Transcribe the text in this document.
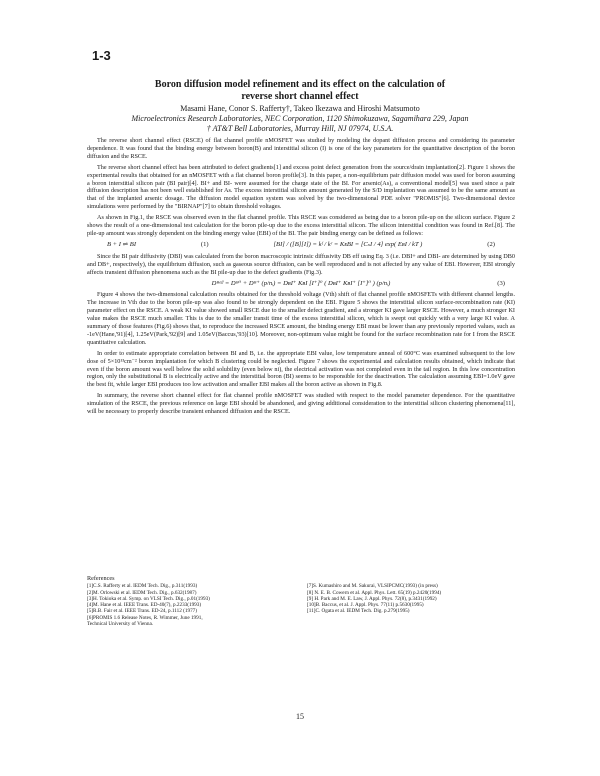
1-3
Boron diffusion model refinement and its effect on the calculation of
reverse short channel effect
Masami Hane, Conor S. Rafferty†, Takeo Ikezawa and Hiroshi Matsumoto
Microelectronics Research Laboratories, NEC Corporation, 1120 Shimokuzawa, Sagamihara 229, Japan
† AT&T Bell Laboratories, Murray Hill, NJ 07974, U.S.A.

The reverse short channel effect (RSCE) of flat channel profile nMOSFET was studied by modeling the dopant diffusion process and considering its parameter dependence. It was found that the binding energy between boron(B) and interstitial silicon (I) is one of the key parameters for the quantitative description of the boron diffusion and the RSCE.

The reverse short channel effect has been attributed to defect gradients[1] and excess point defect generation from the source/drain implantation[2]. Figure 1 shows the experimental results that obtained for an nMOSFET with a flat channel boron profile[3]. In this paper, a non-equilibrium pair diffusion model was used for boron assuming a boron interstitial silicon pair (BI pair)[4]. BI+ and BI- were assumed for the charge state of the BI. For arsenic(As), a conventional model[5] was used since a pair diffusion description has not been well established for As. The excess interstitial silicon amount generated by the S/D implantation was assumed to be the same amount as that of the implanted arsenic dosage. The diffusion model equation system was solved by the two-dimensional PDE solver "PROMIS"[6]. Two-dimensional device simulations were performed by the "BIRNAP"[7] to obtain threshold voltages.

As shown in Fig.1, the RSCE was observed even in the flat channel profile. This RSCE was considered as being due to a boron pile-up on the silicon surface. Figure 2 shows the result of a one-dimensional test calculation for the boron pile-up due to the excess interstitial silicon. The silicon interstitial condition was found in Ref.[8]. The pile-up amount was strongly dependent on the binding energy value (EBI) of the BI. The pair binding energy can be defined as follows:

B + I ⇌ BI	(1)	[BI] / ([B][I]) = kᶠ / kʳ = KᴇBI = [CₛI / 4] exp( EʙI / kT )	(2)

Since the BI pair diffusivity (DBI) was calculated from the boron macroscopic intrinsic diffusivity DB eff using Eq. 3 (i.e. DBI+ and DBI- are determined by using DB0 and DB+, respectively), the equilibrium diffusion, such as gaseous source diffusion, can be well reproduced and is not affected by any value of EBI. However, EBI strongly affects transient diffusion phenomena such as the BI pile-up due to the defect gradients (Fig.3).

Dᴮᵉᶠᶠ = Dᴮ⁰ + Dᴮ⁺ (p/nᵢ) = DʙI⁺ KʙI [I⁺]⁰ ( DʙI⁺ KʙI⁺ [I⁺]⁰ ) (p/nᵢ)	(3)

Figure 4 shows the two-dimensional calculation results obtained for the threshold voltage (Vth) shift of flat channel profile nMOSFETs with different channel lengths. The increase in Vth due to the boron pile-up was also found to be strongly dependent on the EBI. Figure 5 shows the interstitial silicon surface-recombination rate (KI) parameter effect on the RSCE. A weak KI value showed small RSCE due to the smaller defect gradient, and a stronger KI gave larger RSCE. However, a much stronger KI value makes the RSCE much smaller. This is due to the smaller transit time of the excess interstitial silicon, which is swept out quickly with a very large KI value. A summary of those features (Fig.6) shows that, to reproduce the increased RSCE amount, the binding energy EBI must be lower than any previously reported values, such as -1eV(Hane,'91)[4], 1.25eV(Park,'92)[9] and 1.05eV(Baccus,'93)[10]. Moreover, non-optimum value might be found for the surface recombination rate for I from the RSCE quantitative calculation.

In order to estimate appropriate correlation between BI and B, i.e. the appropriate EBI value, low temperature anneal of 600°C was examined subsequent to the low dose of 5×10¹³cm⁻² boron implantation for which B clustering could be neglected. Figure 7 shows the experimental and calculation results obtained, which indicate that even if the boron amount was well below the solid solubility (even below ni), the electrical activation was not completed even in the tail region. In this low concentration region, only the substitutional B is electrically active and the interstitial boron (BI) seems to be responsible for the deactivation. The calculation assuming EBI=1.0eV gave the best fit, while larger EBI produces too low activation and smaller EBI makes all the boron active as shown in Fig.8.

In summary, the reverse short channel effect for flat channel profile nMOSFET was studied with respect to the model parameter dependence. For the quantitative simulation of the RSCE, the previous reference on large EBI should be abandoned, and giving additional consideration to the interstitial silicon clustering phenomena[11], will be necessary to properly describe transient enhanced diffusion and the RSCE.

References
[1]C.S. Rafferty et al. IEDM Tech. Dig., p.311(1993)
[2]M. Orlowski et al. IEDM Tech. Dig., p.632(1987)
[3]H. Tokioka et al. Symp. on VLSI Tech. Dig., p.01(1993)
[4]M. Hane et al. IEEE Trans. ED-40(7), p.2233(1993)
[5]R.B. Fair et al. IEEE Trans. ED-24, p.1112 (1977)
[6]PROMIS 1.6 Release Notes, R. Wimmer, June 1991,
Technical University of Vienna.
[7]S. Kumashiro and M. Sakurai, VLSIPCMC(1993) (in press)
[8] N. E. B. Cowern et al. Appl. Phys. Lett. 65(19) p.2420(1994)
[9] H. Park and M. E. Law, J. Appl. Phys. 72(8), p.3431(1992)
[10]B. Baccus, et al. J. Appl. Phys. 77(11) p.5630(1995)
[11]C. Ogata et al. IEDM Tech. Dig. p.279(1995)
15
